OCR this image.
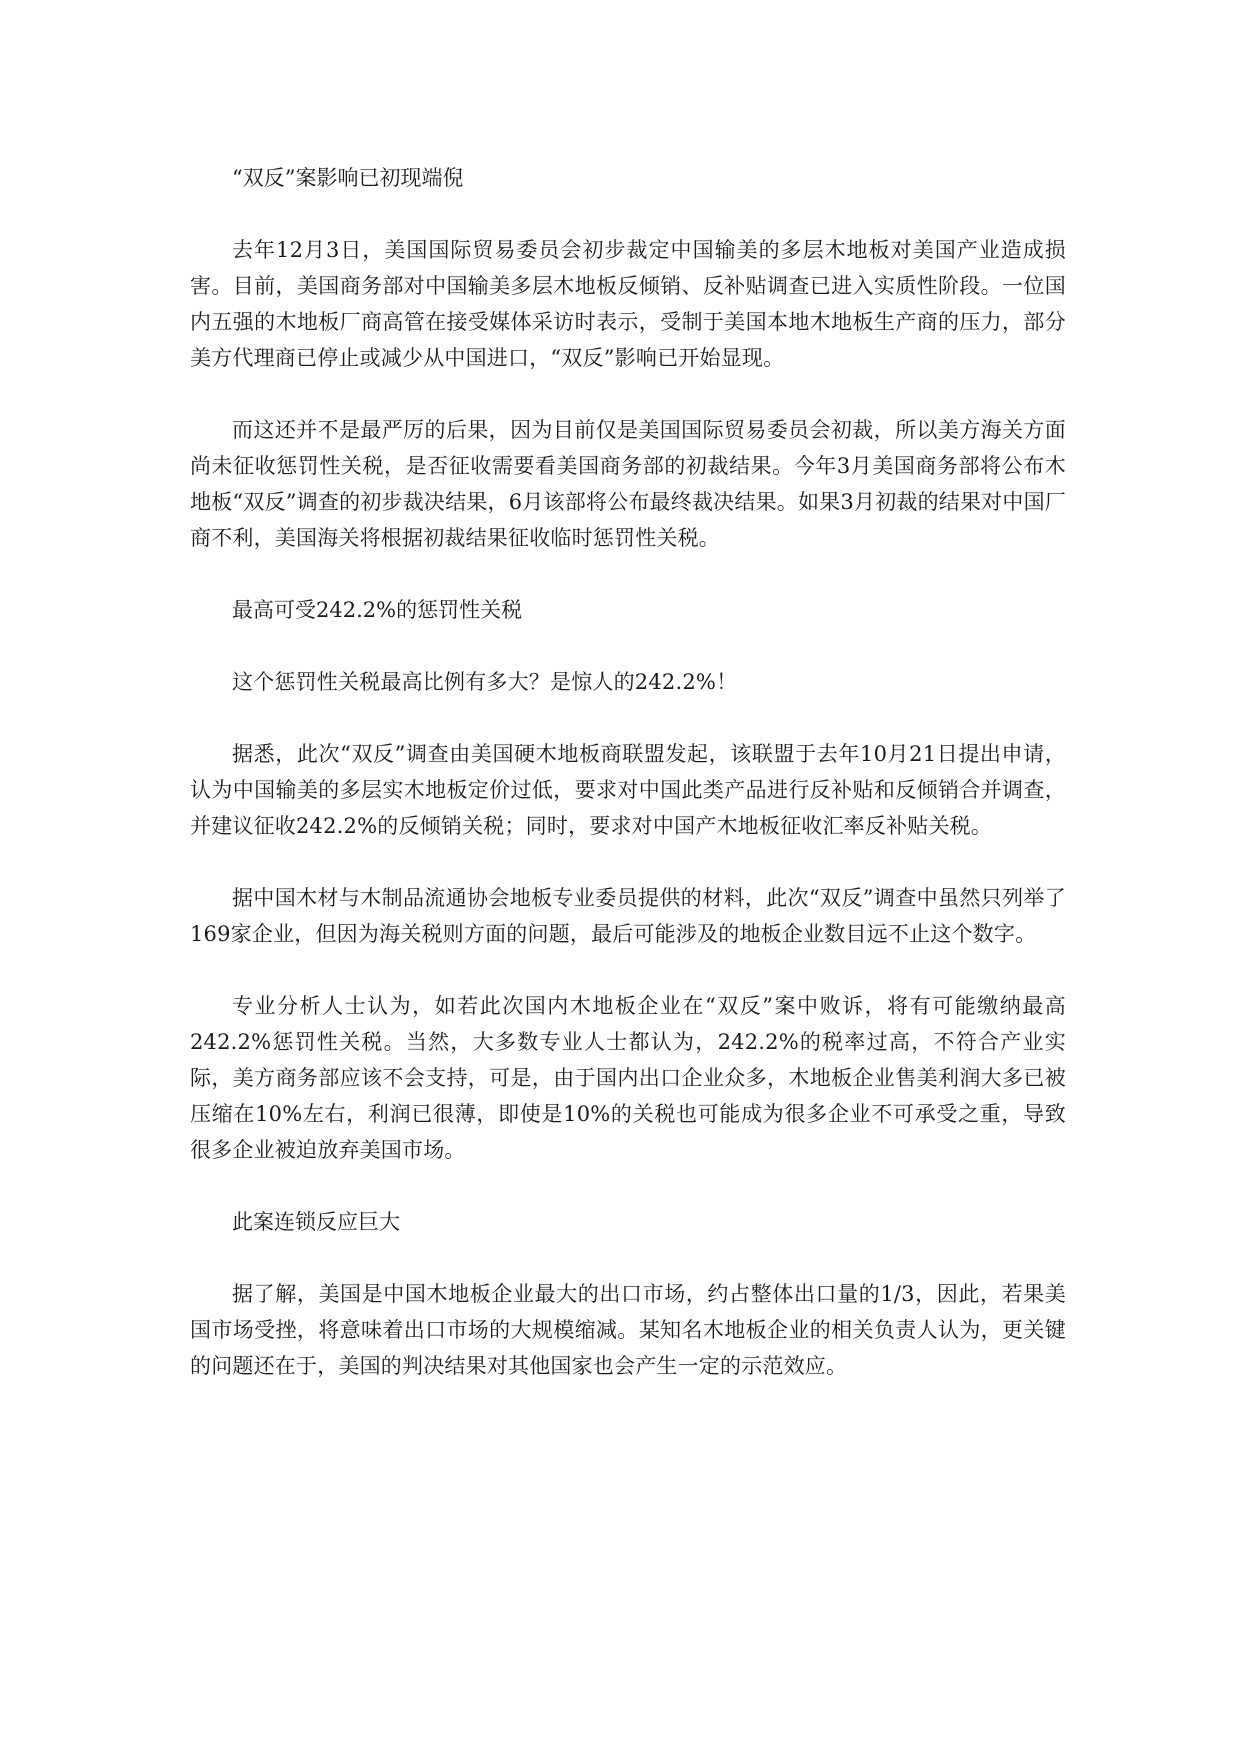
“双反”案影响已初现端倪

去年12月3日，美国国际贸易委员会初步裁定中国输美的多层木地板对美国产业造成损害。目前，美国商务部对中国输美多层木地板反倾销、反补贴调查已进入实质性阶段。一位国内五强的木地板厂商高管在接受媒体采访时表示，受制于美国本地木地板生产商的压力，部分美方代理商已停止或减少从中国进口，“双反”影响已开始显现。

而这还并不是最严厉的后果，因为目前仅是美国国际贸易委员会初裁，所以美方海关方面尚未征收惩罚性关税，是否征收需要看美国商务部的初裁结果。今年3月美国商务部将公布木地板“双反”调查的初步裁决结果，6月该部将公布最终裁决结果。如果3月初裁的结果对中国厂商不利，美国海关将根据初裁结果征收临时惩罚性关税。

最高可受242.2%的惩罚性关税

这个惩罚性关税最高比例有多大？是惊人的242.2%！

据悉，此次“双反”调查由美国硬木地板商联盟发起，该联盟于去年10月21日提出申请，认为中国输美的多层实木地板定价过低，要求对中国此类产品进行反补贴和反倾销合并调查，并建议征收242.2%的反倾销关税；同时，要求对中国产木地板征收汇率反补贴关税。

据中国木材与木制品流通协会地板专业委员提供的材料，此次“双反”调查中虽然只列举了169家企业，但因为海关税则方面的问题，最后可能涉及的地板企业数目远不止这个数字。

专业分析人士认为，如若此次国内木地板企业在“双反”案中败诉，将有可能缴纳最高242.2%惩罚性关税。当然，大多数专业人士都认为，242.2%的税率过高，不符合产业实际，美方商务部应该不会支持，可是，由于国内出口企业众多，木地板企业售美利润大多已被压缩在10%左右，利润已很薄，即使是10%的关税也可能成为很多企业不可承受之重，导致很多企业被迫放弃美国市场。

此案连锁反应巨大

据了解，美国是中国木地板企业最大的出口市场，约占整体出口量的1/3，因此，若果美国市场受挫，将意味着出口市场的大规模缩减。某知名木地板企业的相关负责人认为，更关键的问题还在于，美国的判决结果对其他国家也会产生一定的示范效应。
